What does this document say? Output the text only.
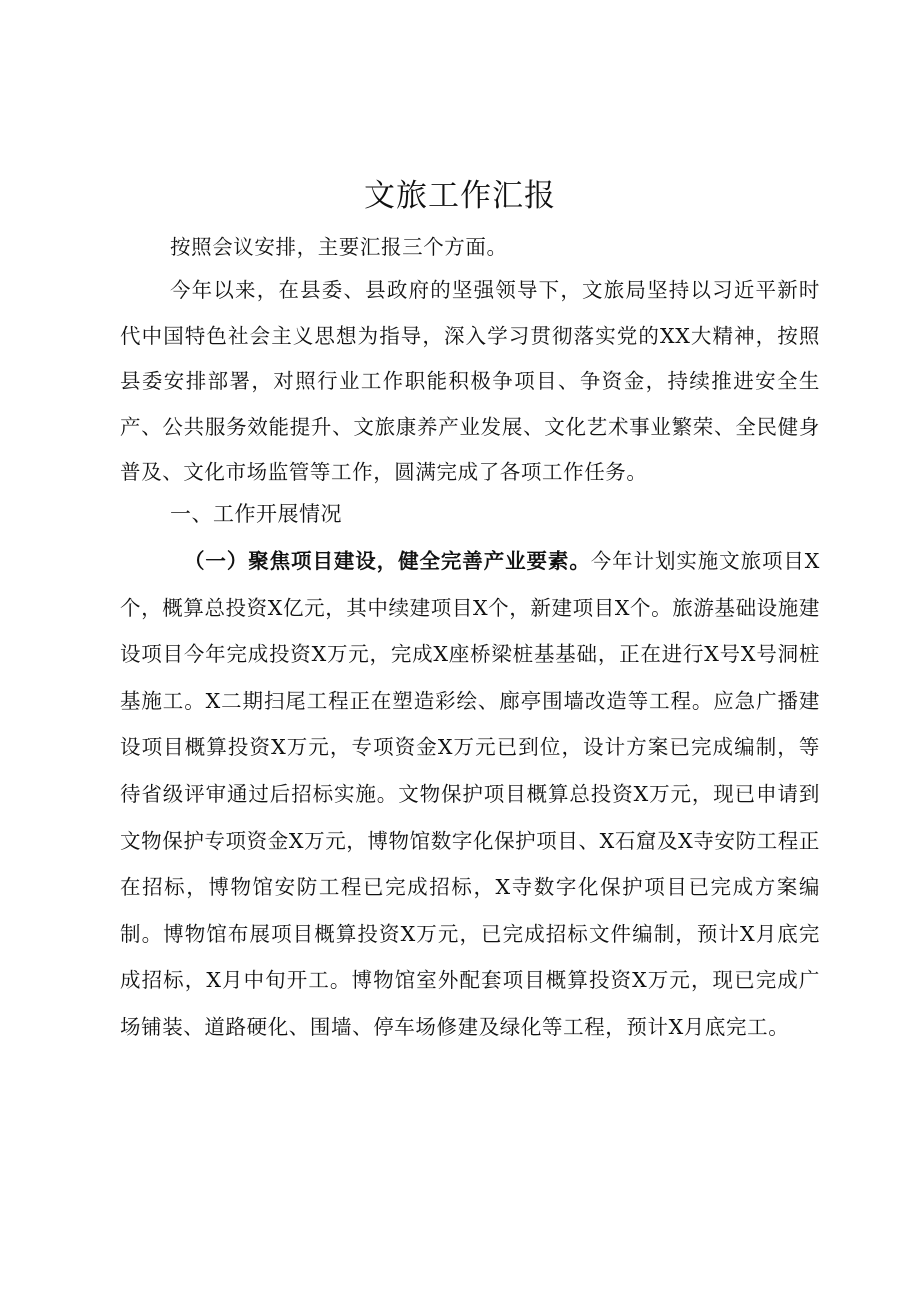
文旅工作汇报

按照会议安排，主要汇报三个方面。

今年以来，在县委、县政府的坚强领导下，文旅局坚持以习近平新时代中国特色社会主义思想为指导，深入学习贯彻落实党的XX大精神，按照县委安排部署，对照行业工作职能积极争项目、争资金，持续推进安全生产、公共服务效能提升、文旅康养产业发展、文化艺术事业繁荣、全民健身普及、文化市场监管等工作，圆满完成了各项工作任务。

一、工作开展情况

（一）聚焦项目建设，健全完善产业要素。今年计划实施文旅项目X个，概算总投资X亿元，其中续建项目X个，新建项目X个。旅游基础设施建设项目今年完成投资X万元，完成X座桥梁桩基基础，正在进行X号X号洞桩基施工。X二期扫尾工程正在塑造彩绘、廊亭围墙改造等工程。应急广播建设项目概算投资X万元，专项资金X万元已到位，设计方案已完成编制，等待省级评审通过后招标实施。文物保护项目概算总投资X万元，现已申请到文物保护专项资金X万元，博物馆数字化保护项目、X石窟及X寺安防工程正在招标，博物馆安防工程已完成招标，X寺数字化保护项目已完成方案编制。博物馆布展项目概算投资X万元，已完成招标文件编制，预计X月底完成招标，X月中旬开工。博物馆室外配套项目概算投资X万元，现已完成广场铺装、道路硬化、围墙、停车场修建及绿化等工程，预计X月底完工。
